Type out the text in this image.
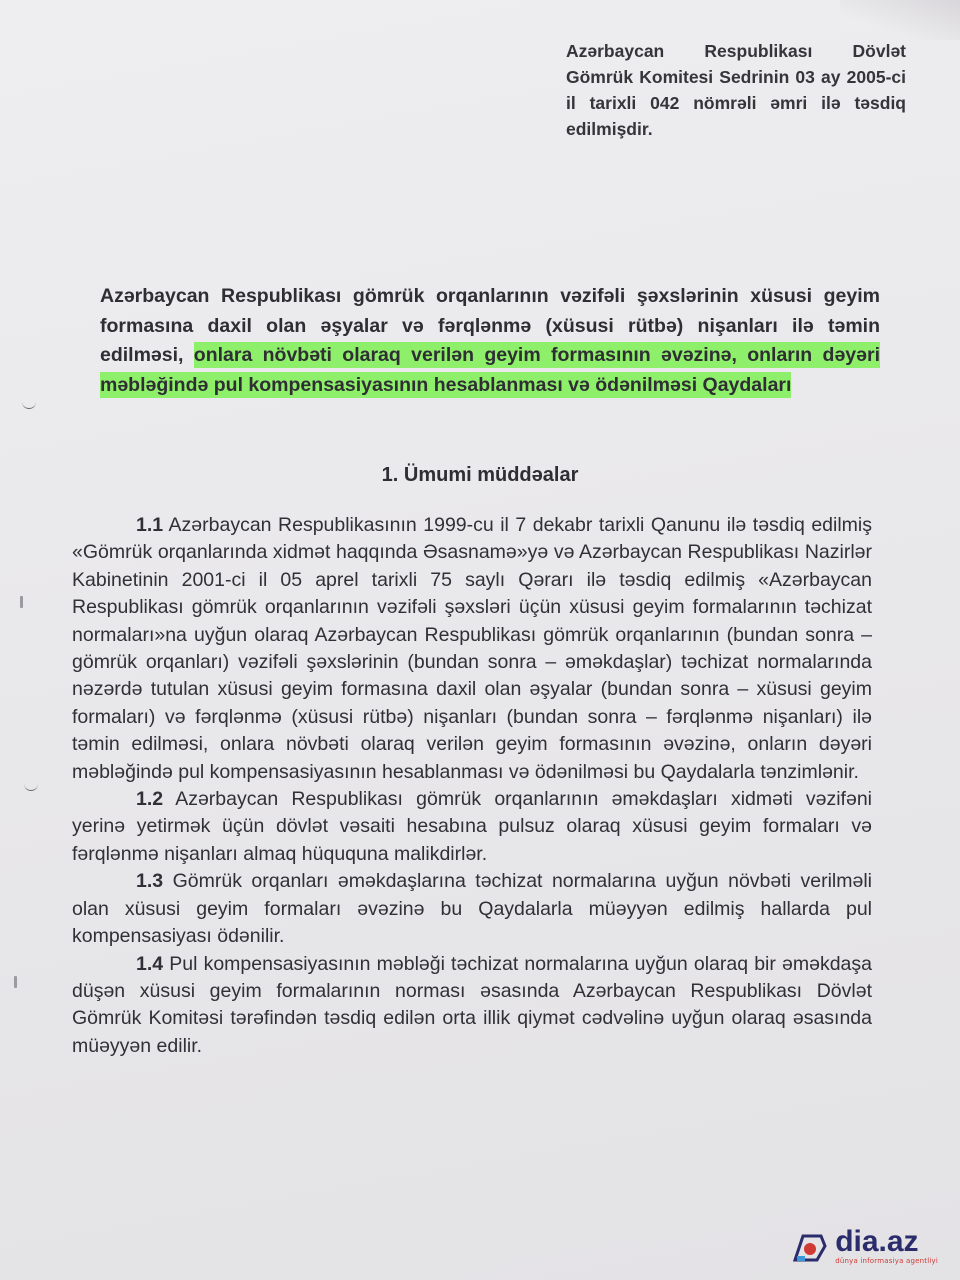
Azərbaycan Respublikası Dövlət Gömrük Komitesi Sedrinin 03 ay 2005-ci il tarixli 042 nömrəli əmri ilə təsdiq edilmişdir.
Azərbaycan Respublikası gömrük orqanlarının vəzifəli şəxslərinin xüsusi geyim formasına daxil olan əşyalar və fərqlənmə (xüsusi rütbə) nişanları ilə təmin edilməsi, onlara növbəti olaraq verilən geyim formasının əvəzinə, onların dəyəri məbləğində pul kompensasiyasının hesablanması və ödənilməsi Qaydaları
1. Ümumi müddəalar

1.1 Azərbaycan Respublikasının 1999-cu il 7 dekabr tarixli Qanunu ilə təsdiq edilmiş «Gömrük orqanlarında xidmət haqqında Əsasnamə»yə və Azərbaycan Respublikası Nazirlər Kabinetinin 2001-ci il 05 aprel tarixli 75 saylı Qərarı ilə təsdiq edilmiş «Azərbaycan Respublikası gömrük orqanlarının vəzifəli şəxsləri üçün xüsusi geyim formalarının təchizat normaları»na uyğun olaraq Azərbaycan Respublikası gömrük orqanlarının (bundan sonra – gömrük orqanları) vəzifəli şəxslərinin (bundan sonra – əməkdaşlar) təchizat normalarında nəzərdə tutulan xüsusi geyim formasına daxil olan əşyalar (bundan sonra – xüsusi geyim formaları) və fərqlənmə (xüsusi rütbə) nişanları (bundan sonra – fərqlənmə nişanları) ilə təmin edilməsi, onlara növbəti olaraq verilən geyim formasının əvəzinə, onların dəyəri məbləğində pul kompensasiyasının hesablanması və ödənilməsi bu Qaydalarla tənzimlənir.

1.2 Azərbaycan Respublikası gömrük orqanlarının əməkdaşları xidməti vəzifəni yerinə yetirmək üçün dövlət vəsaiti hesabına pulsuz olaraq xüsusi geyim formaları və fərqlənmə nişanları almaq hüququna malikdirlər.

1.3 Gömrük orqanları əməkdaşlarına təchizat normalarına uyğun növbəti verilməli olan xüsusi geyim formaları əvəzinə bu Qaydalarla müəyyən edilmiş hallarda pul kompensasiyası ödənilir.

1.4 Pul kompensasiyasının məbləği təchizat normalarına uyğun olaraq bir əməkdaşa düşən xüsusi geyim formalarının norması əsasında Azərbaycan Respublikası Dövlət Gömrük Komitəsi tərəfindən təsdiq edilən orta illik qiymət cədvəlinə uyğun olaraq əsasında müəyyən edilir.

dia.az
dünya informasiya agentliyi
